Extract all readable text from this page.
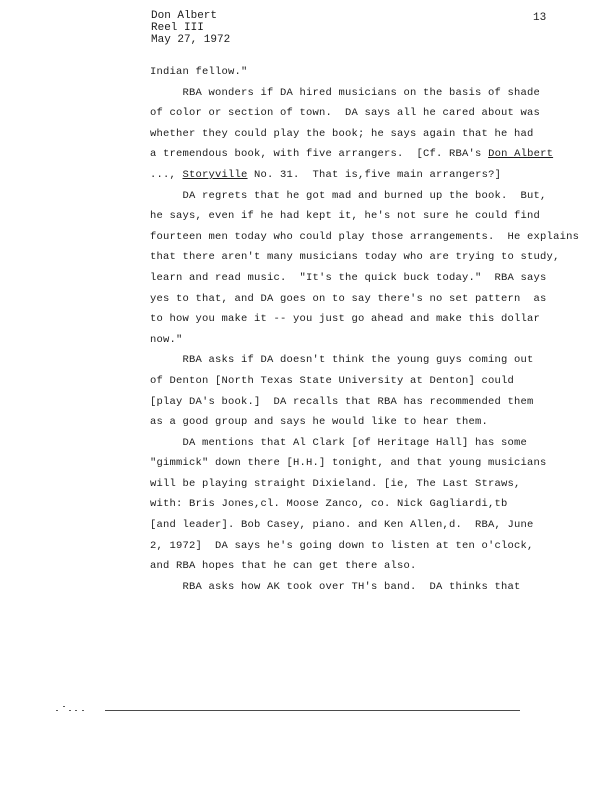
Don Albert
Reel III
May 27, 1972
13
Indian fellow."
RBA wonders if DA hired musicians on the basis of shade
of color or section of town.  DA says all he cared about was
whether they could play the book; he says again that he had
a tremendous book, with five arrangers.  [Cf. RBA's Don Albert
..., Storyville No. 31.  That is,five main arrangers?]
DA regrets that he got mad and burned up the book.  But,
he says, even if he had kept it, he's not sure he could find
fourteen men today who could play those arrangements.  He explains
that there aren't many musicians today who are trying to study,
learn and read music.  "It's the quick buck today."  RBA says
yes to that, and DA goes on to say there's no set pattern  as
to how you make it -- you just go ahead and make this dollar
now."
RBA asks if DA doesn't think the young guys coming out
of Denton [North Texas State University at Denton] could
[play DA's book.]  DA recalls that RBA has recommended them
as a good group and says he would like to hear them.
DA mentions that Al Clark [of Heritage Hall] has some
"gimmick" down there [H.H.] tonight, and that young musicians
will be playing straight Dixieland. [ie, The Last Straws,
with: Bris Jones,cl. Moose Zanco, co. Nick Gagliardi,tb
[and leader]. Bob Casey, piano. and Ken Allen,d.  RBA, June
2, 1972]  DA says he's going down to listen at ten o'clock,
and RBA hopes that he can get there also.
RBA asks how AK took over TH's band.  DA thinks that
